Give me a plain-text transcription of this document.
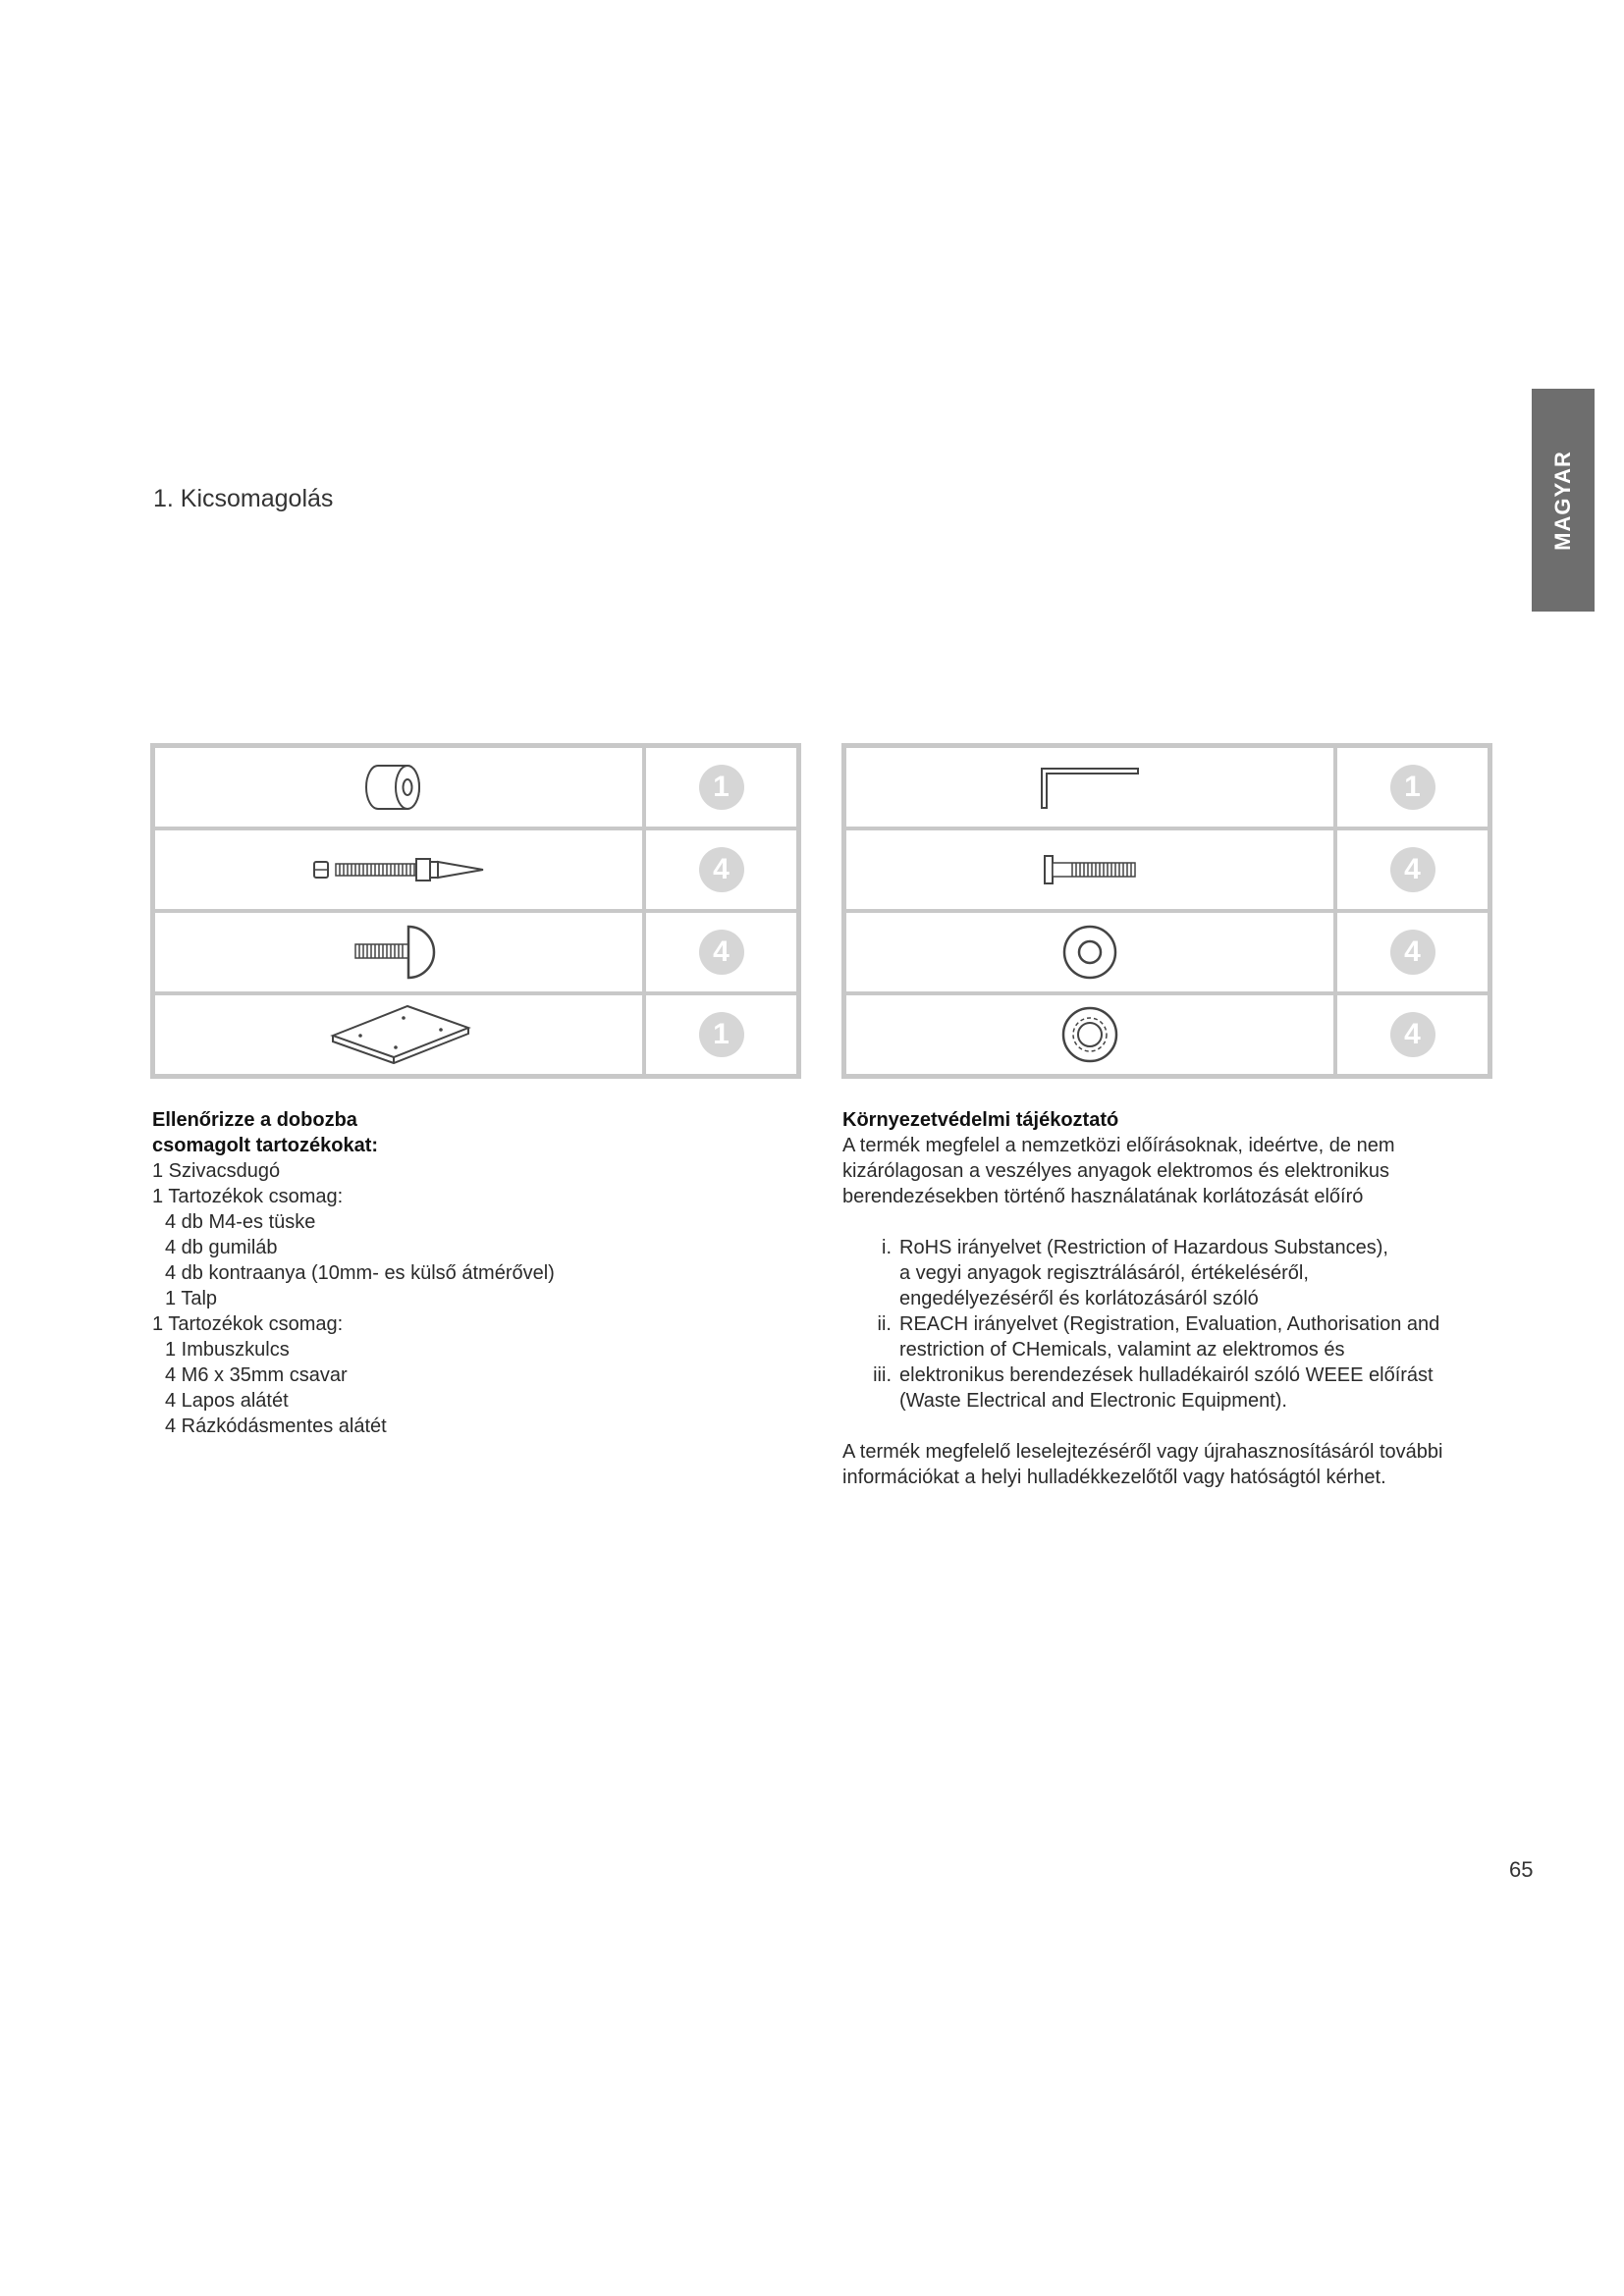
1. Kicsomagolás	MAGYAR
1
4
4
1
1
4
4
4

Ellenőrizze a dobozba

csomagolt tartozékokat:

1 Szivacsdugó

1 Tartozékok csomag:

4 db M4-es tüske

4 db gumiláb

4 db kontraanya (10mm- es külső átmérővel)

1 Talp

1 Tartozékok csomag:

1 Imbuszkulcs

4 M6 x 35mm csavar

4 Lapos alátét

4 Rázkódásmentes alátét

Környezetvédelmi tájékoztató

A termék megfelel a nemzetközi előírásoknak, ideértve, de nem

kizárólagosan a veszélyes anyagok elektromos és elektronikus

berendezésekben történő használatának korlátozását előíró

i. RoHS irányelvet (Restriction of Hazardous Substances),

a vegyi anyagok regisztrálásáról, értékeléséről,

engedélyezéséről és korlátozásáról szóló

ii. REACH irányelvet (Registration, Evaluation, Authorisation and

restriction of CHemicals, valamint az elektromos és

iii. elektronikus berendezések hulladékairól szóló WEEE előírást

(Waste Electrical and Electronic Equipment).

A termék megfelelő leselejtezéséről vagy újrahasznosításáról további

információkat a helyi hulladékkezelőtől vagy hatóságtól kérhet.

65
